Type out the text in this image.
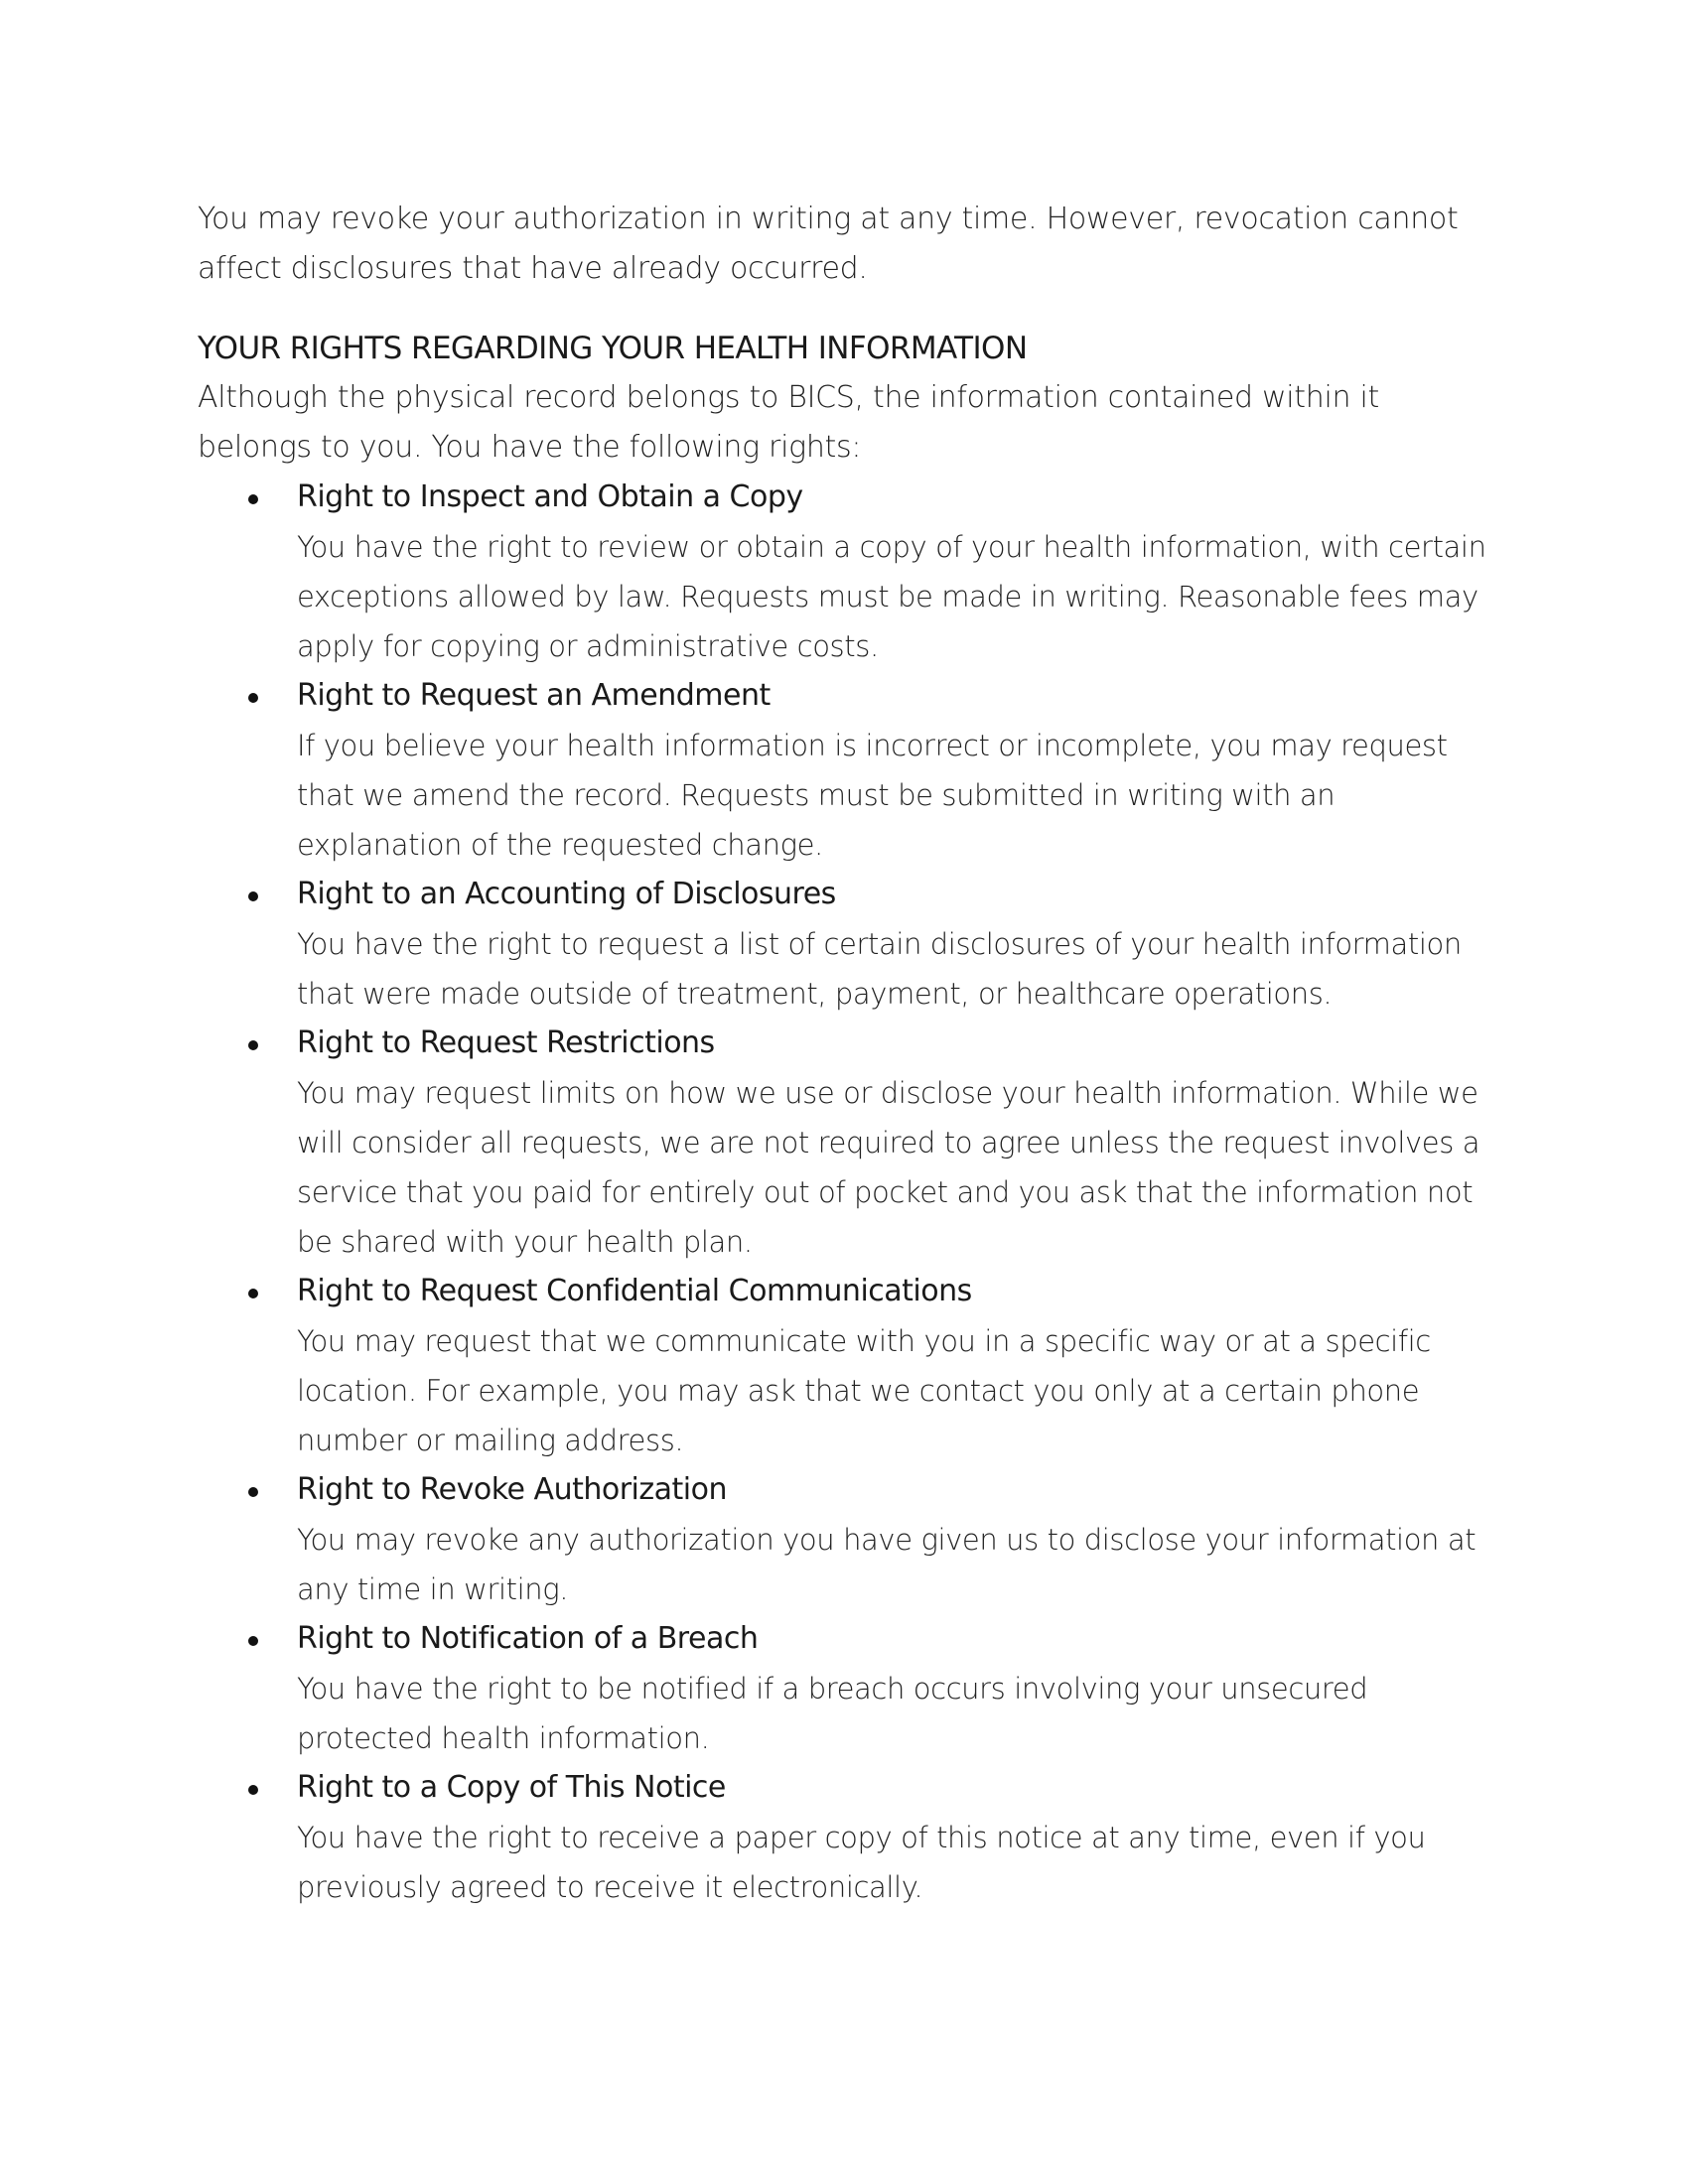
You may revoke your authorization in writing at any time. However, revocation cannot affect disclosures that have already occurred.

YOUR RIGHTS REGARDING YOUR HEALTH INFORMATION

Although the physical record belongs to BICS, the information contained within it belongs to you. You have the following rights:

Right to Inspect and Obtain a Copy

You have the right to review or obtain a copy of your health information, with certain exceptions allowed by law. Requests must be made in writing. Reasonable fees may apply for copying or administrative costs.

Right to Request an Amendment

If you believe your health information is incorrect or incomplete, you may request that we amend the record. Requests must be submitted in writing with an explanation of the requested change.

Right to an Accounting of Disclosures

You have the right to request a list of certain disclosures of your health information that were made outside of treatment, payment, or healthcare operations.

Right to Request Restrictions

You may request limits on how we use or disclose your health information. While we will consider all requests, we are not required to agree unless the request involves a service that you paid for entirely out of pocket and you ask that the information not be shared with your health plan.

Right to Request Confidential Communications

You may request that we communicate with you in a specific way or at a specific location. For example, you may ask that we contact you only at a certain phone number or mailing address.

Right to Revoke Authorization

You may revoke any authorization you have given us to disclose your information at any time in writing.

Right to Notification of a Breach

You have the right to be notified if a breach occurs involving your unsecured protected health information.

Right to a Copy of This Notice

You have the right to receive a paper copy of this notice at any time, even if you previously agreed to receive it electronically.
